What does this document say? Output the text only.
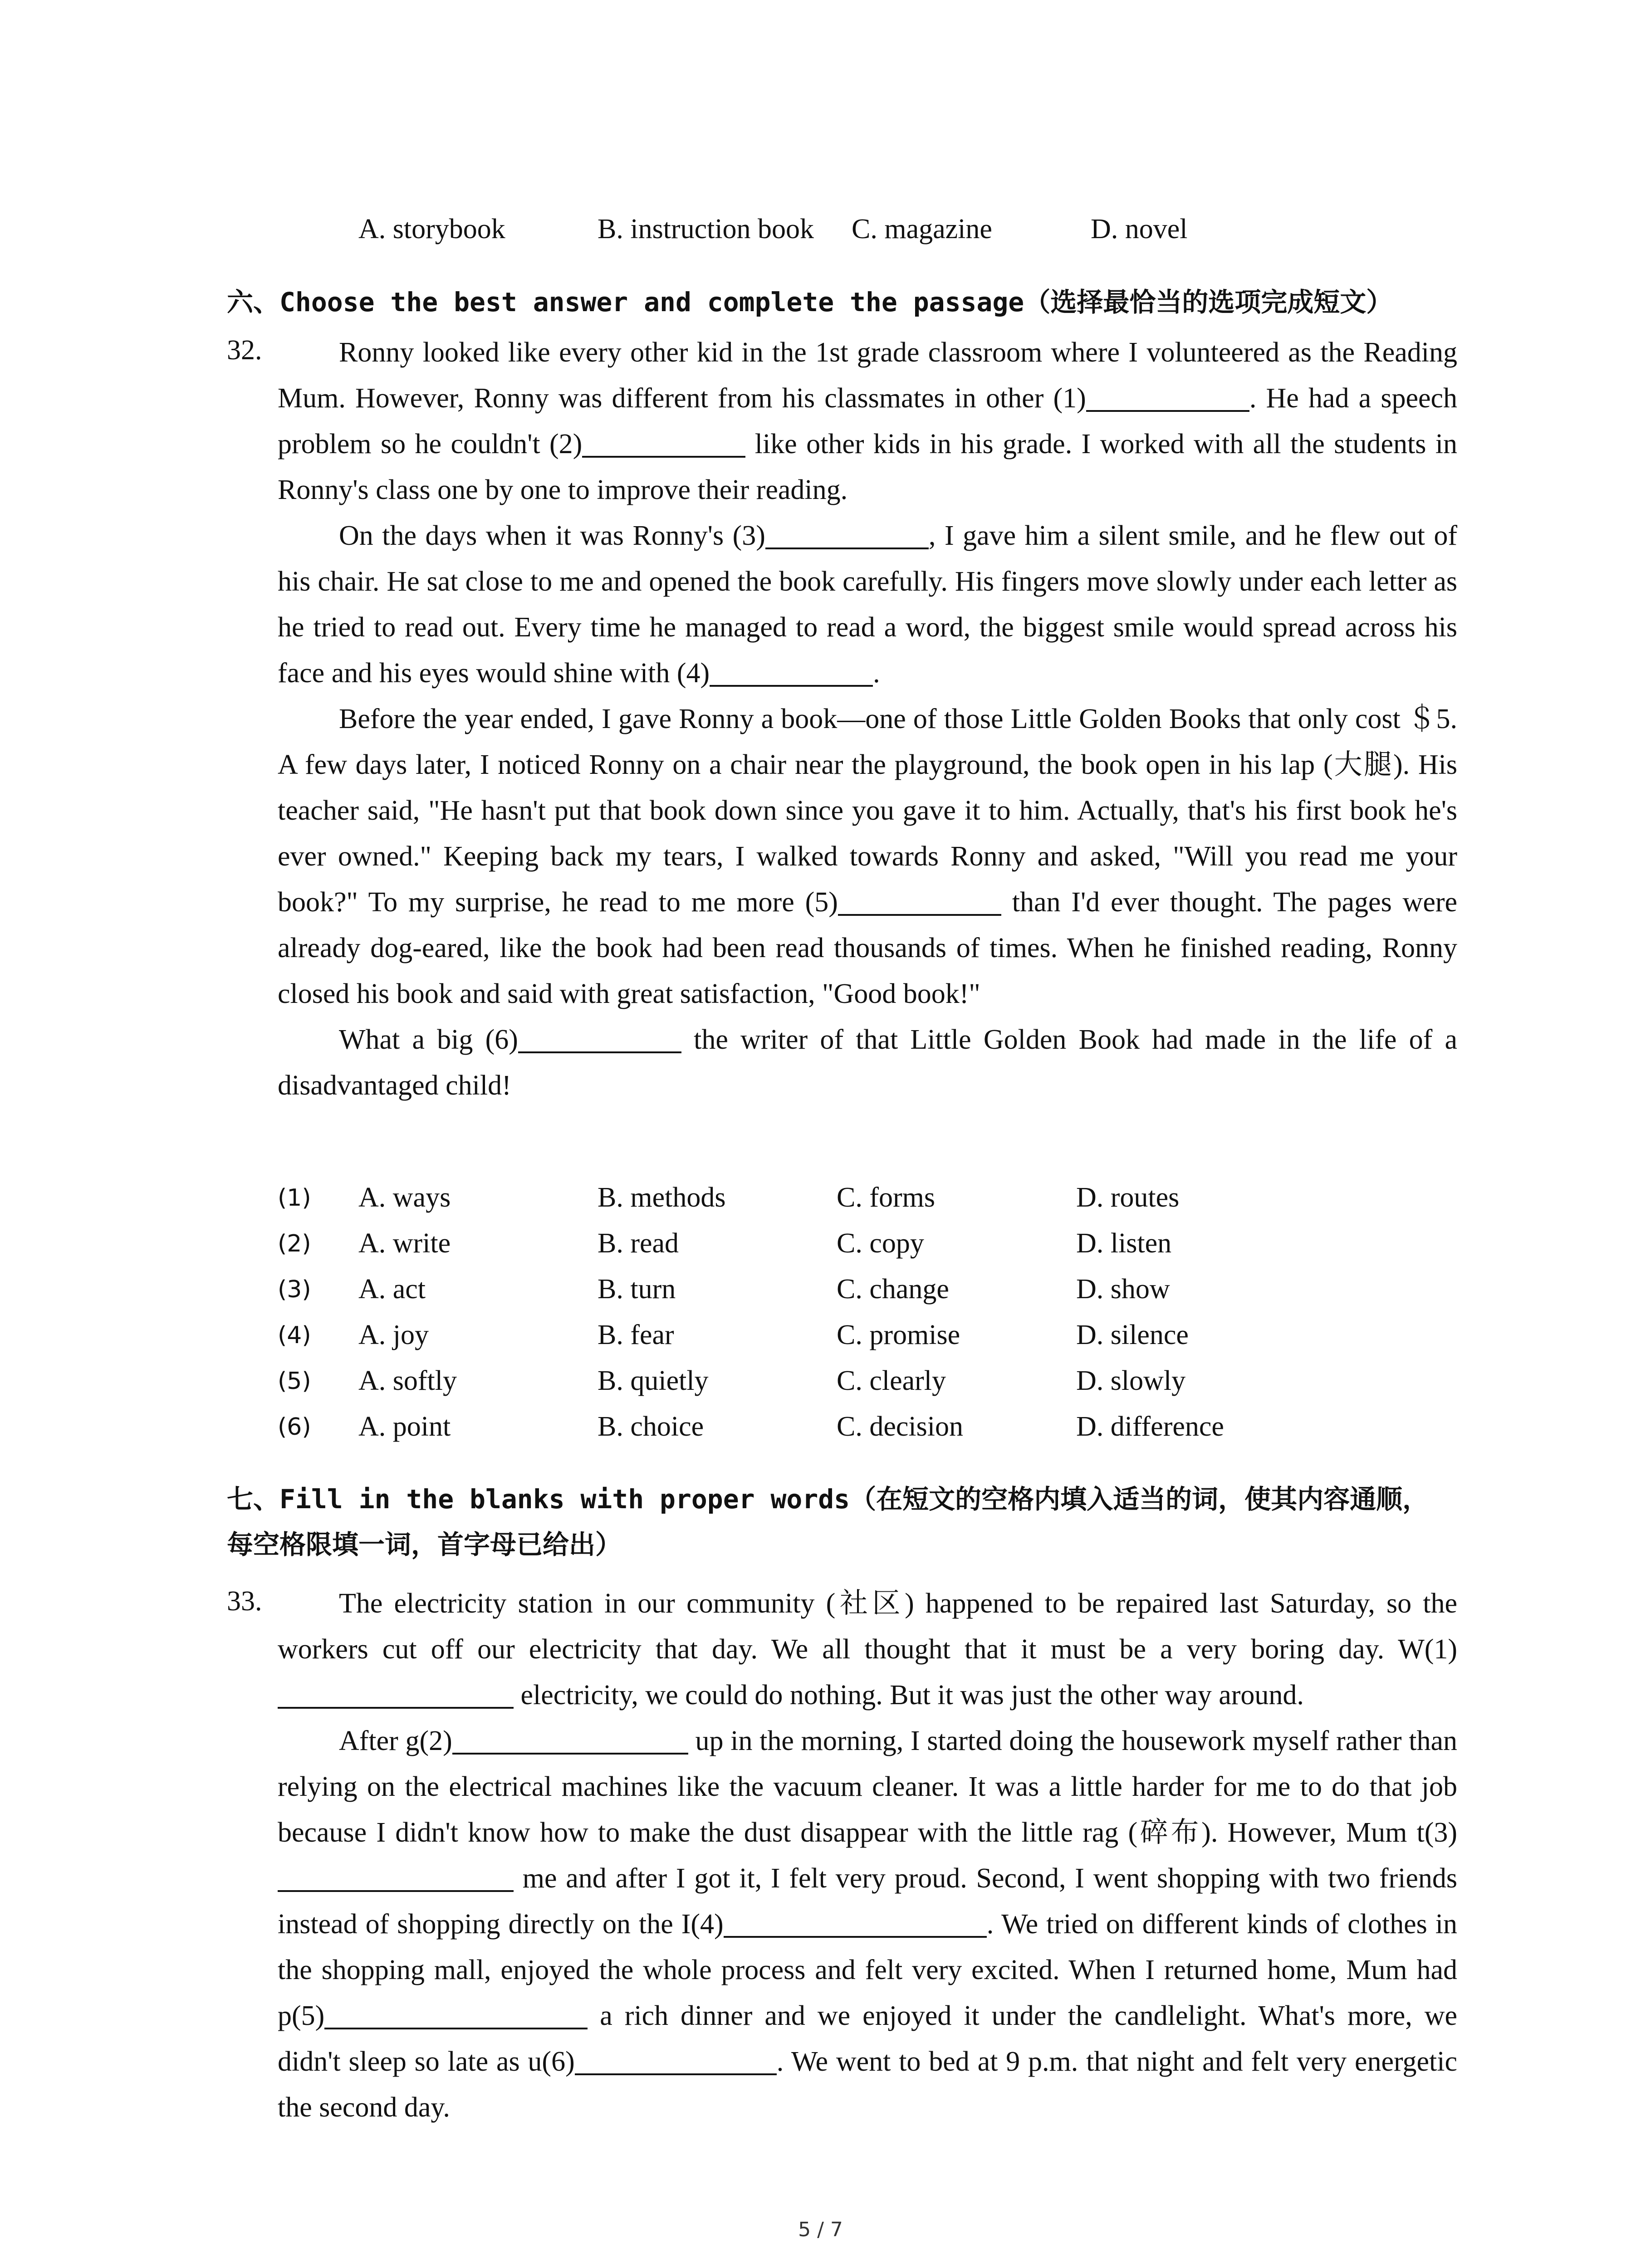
A. storybook	B. instruction book C. magazine	D. novel
六、Choose the best answer and complete the passage（选择最恰当的选项完成短文）
32.	Ronny looked like every other kid in the 1st grade classroom where I volunteered as the Reading Mum. However, Ronny was different from his classmates in other (1)	. He had a speech problem so he couldn't (2)	like other kids in his grade. I worked with all the students in Ronny's class one by one to improve their reading.
On the days when it was Ronny's (3)	, I gave him a silent smile, and he flew out of his chair. He sat close to me and opened the book carefully. His fingers move slowly under each letter as he tried to read out. Every time he managed to read a word, the biggest smile would spread across his face and his eyes would shine with (4)	.
Before the year ended, I gave Ronny a book—one of those Little Golden Books that only cost ＄5. A few days later, I noticed Ronny on a chair near the playground, the book open in his lap (大腿). His teacher said, "He hasn't put that book down since you gave it to him. Actually, that's his first book he's ever owned." Keeping back my tears, I walked towards Ronny and asked, "Will you read me your book?" To my surprise, he read to me more (5)	than I'd ever thought. The pages were already dog-eared, like the book had been read thousands of times. When he finished reading, Ronny closed his book and said with great satisfaction, "Good book!"
What a big (6)	the writer of that Little Golden Book had made in the life of a disadvantaged child!
(1) A. ways	B. methods	C. forms	D. routes
(2) A. write	B. read	C. copy	D. listen
(3) A. act	B. turn	C. change	D. show
(4) A. joy	B. fear	C. promise	D. silence
(5) A. softly	B. quietly	C. clearly	D. slowly
(6) A. point	B. choice	C. decision	D. difference
七、Fill in the blanks with proper words（在短文的空格内填入适当的词，使其内容通顺，每空格限填一词，首字母已给出）
33.	The electricity station in our community (社区) happened to be repaired last Saturday, so the workers cut off our electricity that day. We all thought that it must be a very boring day. W(1) electricity, we could do nothing. But it was just the other way around.
After g(2)	up in the morning, I started doing the housework myself rather than relying on the electrical machines like the vacuum cleaner. It was a little harder for me to do that job because I didn't know how to make the dust disappear with the little rag (碎布). However, Mum t(3) me and after I got it, I felt very proud. Second, I went shopping with two friends instead of shopping directly on the I(4)	. We tried on different kinds of clothes in the shopping mall, enjoyed the whole process and felt very excited. When I returned home, Mum had p(5)	a rich dinner and we enjoyed it under the candlelight. What's more, we didn't sleep so late as u(6)	. We went to bed at 9 p.m. that night and felt very energetic the second day.
5 / 7
